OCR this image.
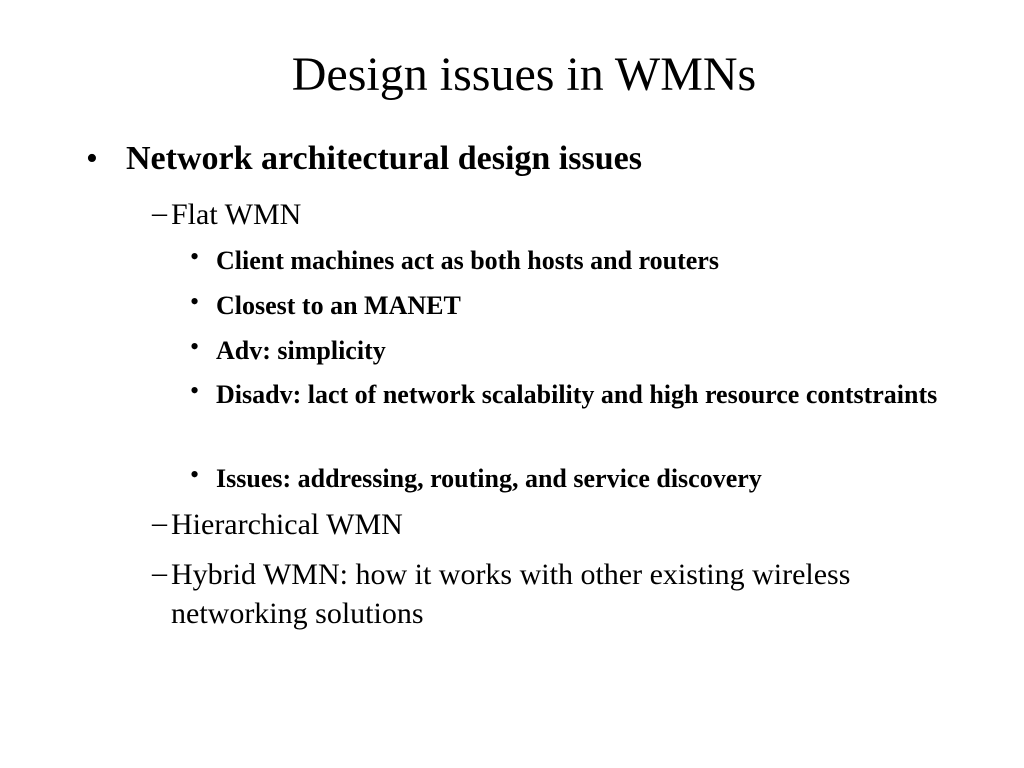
Design issues in WMNs
• Network architectural design issues
– Flat WMN
• Client machines act as both hosts and routers
• Closest to an MANET
• Adv: simplicity
• Disadv: lact of network scalability and high resource contstraints
• Issues: addressing, routing, and service discovery
– Hierarchical WMN
– Hybrid WMN: how it works with other existing wireless networking solutions
